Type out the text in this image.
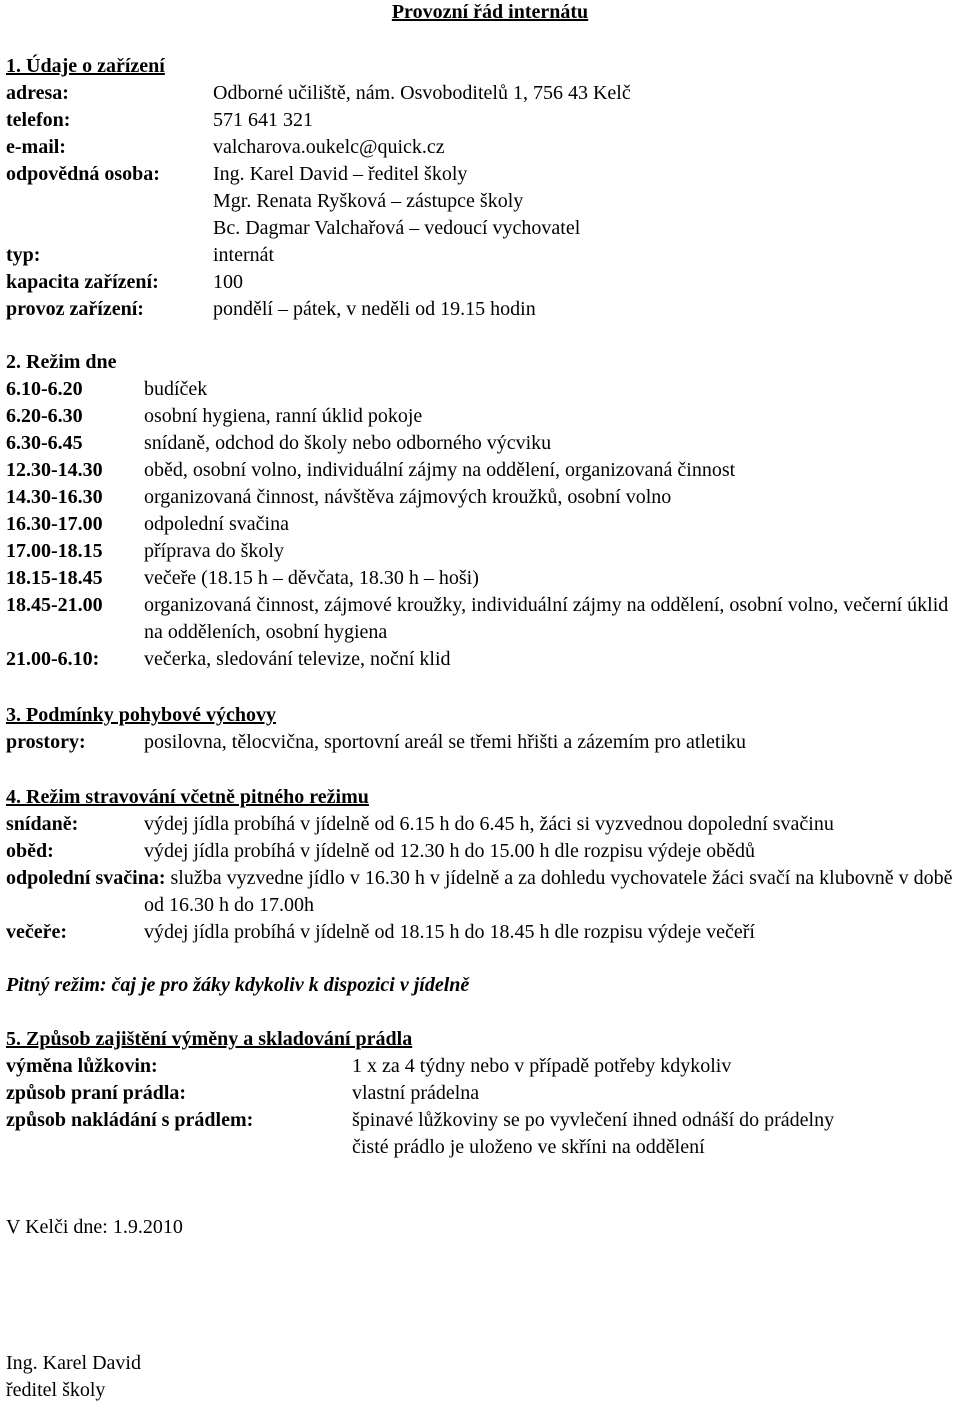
Provozní řád internátu
1. Údaje o zařízení
adresa:	Odborné učiliště, nám. Osvoboditelů 1, 756 43 Kelč
telefon:	571 641 321
e-mail:	valcharova.oukelc@quick.cz
odpovědná osoba:	Ing. Karel David – ředitel školy
Mgr. Renata Ryšková – zástupce školy
Bc. Dagmar Valchařová – vedoucí vychovatel
typ:	internát
kapacita zařízení:	100
provoz zařízení:	pondělí – pátek, v neděli od 19.15 hodin
2. Režim dne
6.10-6.20	budíček
6.20-6.30	osobní hygiena, ranní úklid pokoje
6.30-6.45	snídaně, odchod do školy nebo odborného výcviku
12.30-14.30	oběd, osobní volno, individuální zájmy na oddělení, organizovaná činnost
14.30-16.30	organizovaná činnost, návštěva zájmových kroužků, osobní volno
16.30-17.00	odpolední svačina
17.00-18.15	příprava do školy
18.15-18.45	večeře (18.15 h – děvčata, 18.30 h – hoši)
18.45-21.00	organizovaná činnost, zájmové kroužky, individuální zájmy na oddělení, osobní volno, večerní úklid na odděleních, osobní hygiena
21.00-6.10:	večerka, sledování televize, noční klid
3. Podmínky pohybové výchovy
prostory:	posilovna, tělocvična, sportovní areál se třemi hřišti a zázemím pro atletiku
4. Režim stravování včetně pitného režimu
snídaně:	výdej jídla probíhá v jídelně od 6.15 h do 6.45 h, žáci si vyzvednou dopolední svačinu
oběd:	výdej jídla probíhá v jídelně od 12.30 h do 15.00 h dle rozpisu výdeje obědů
odpolední svačina: služba vyzvedne jídlo v 16.30 h v jídelně a za dohledu vychovatele žáci svačí na klubovně v době od 16.30 h do 17.00h
večeře:	výdej jídla probíhá v jídelně od 18.15 h do 18.45 h dle rozpisu výdeje večeří
Pitný režim: čaj je pro žáky kdykoliv k dispozici v jídelně
5. Způsob zajištění výměny a skladování prádla
výměna lůžkovin:	1 x za 4 týdny nebo v případě potřeby kdykoliv
způsob praní prádla:	vlastní prádelna
způsob nakládání s prádlem:	špinavé lůžkoviny se po vyvlečení ihned odnáší do prádelny
čisté prádlo je uloženo ve skříni na oddělení
V Kelči dne: 1.9.2010
Ing. Karel David
ředitel školy
